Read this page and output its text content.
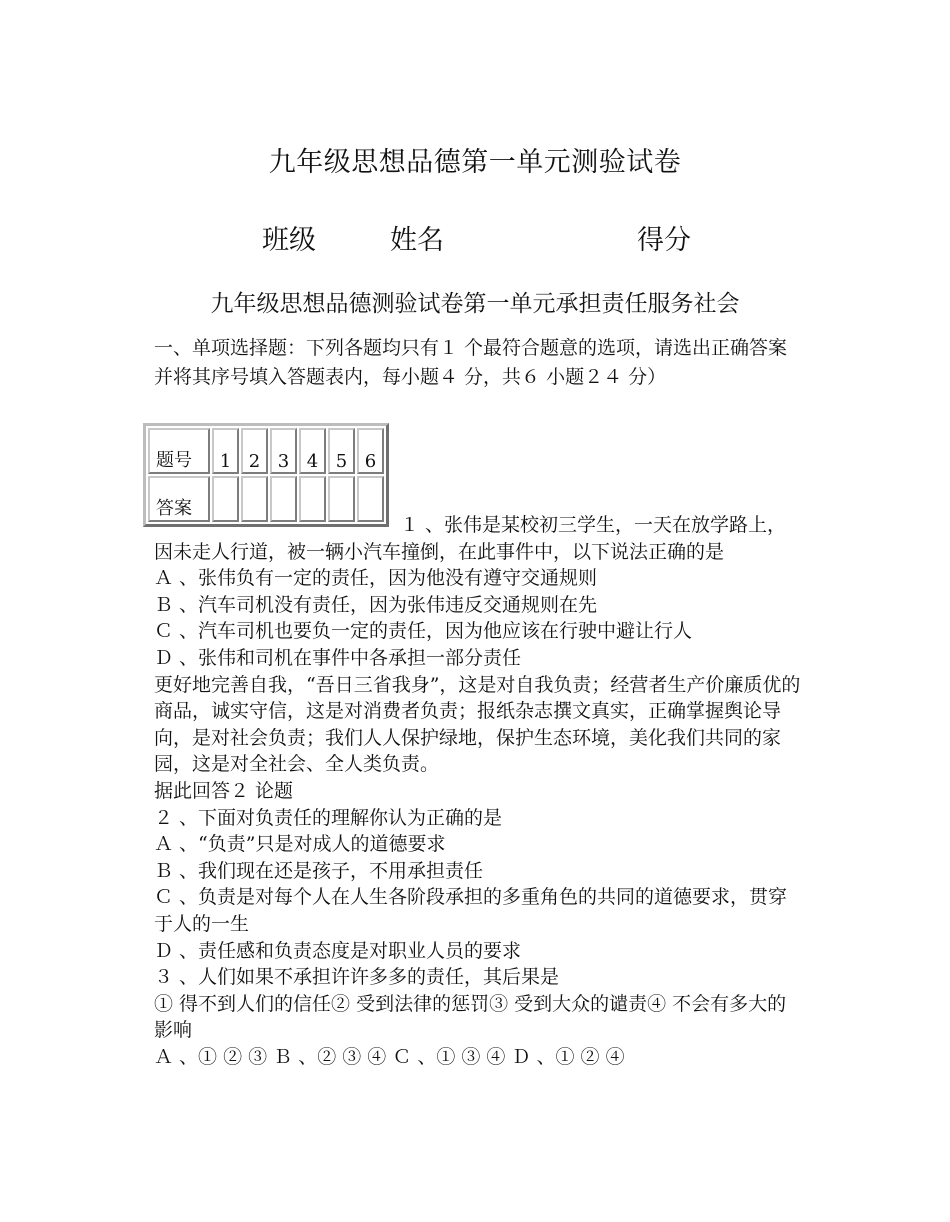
九年级思想品德第一单元测验试卷
班级	姓名	得分
九年级思想品德测验试卷第一单元承担责任服务社会
一、单项选择题：下列各题均只有１ 个最符合题意的选项，请选出正确答案并将其序号填入答题表内，每小题４ 分，共６ 小题２４ 分）
题号	1	2	3	4	5	6
答案						

１ 、张伟是某校初三学生，一天在放学路上，因未走人行道，被一辆小汽车撞倒，在此事件中，以下说法正确的是

Ａ 、张伟负有一定的责任，因为他没有遵守交通规则

Ｂ 、汽车司机没有责任，因为张伟违反交通规则在先

Ｃ 、汽车司机也要负一定的责任，因为他应该在行驶中避让行人

Ｄ 、张伟和司机在事件中各承担一部分责任

更好地完善自我，“吾日三省我身”，这是对自我负责；经营者生产价廉质优的商品，诚实守信，这是对消费者负责；报纸杂志撰文真实，正确掌握舆论导向，是对社会负责；我们人人保护绿地，保护生态环境，美化我们共同的家园，这是对全社会、全人类负责。

据此回答２ 论题

２ 、下面对负责任的理解你认为正确的是

Ａ 、“负责”只是对成人的道德要求

Ｂ 、我们现在还是孩子，不用承担责任

Ｃ 、负责是对每个人在人生各阶段承担的多重角色的共同的道德要求，贯穿于人的一生

Ｄ 、责任感和负责态度是对职业人员的要求

３ 、人们如果不承担许许多多的责任，其后果是

① 得不到人们的信任② 受到法律的惩罚③ 受到大众的谴责④ 不会有多大的影响

Ａ 、① ② ③ Ｂ 、② ③ ④ Ｃ 、① ③ ④ Ｄ 、① ② ④
